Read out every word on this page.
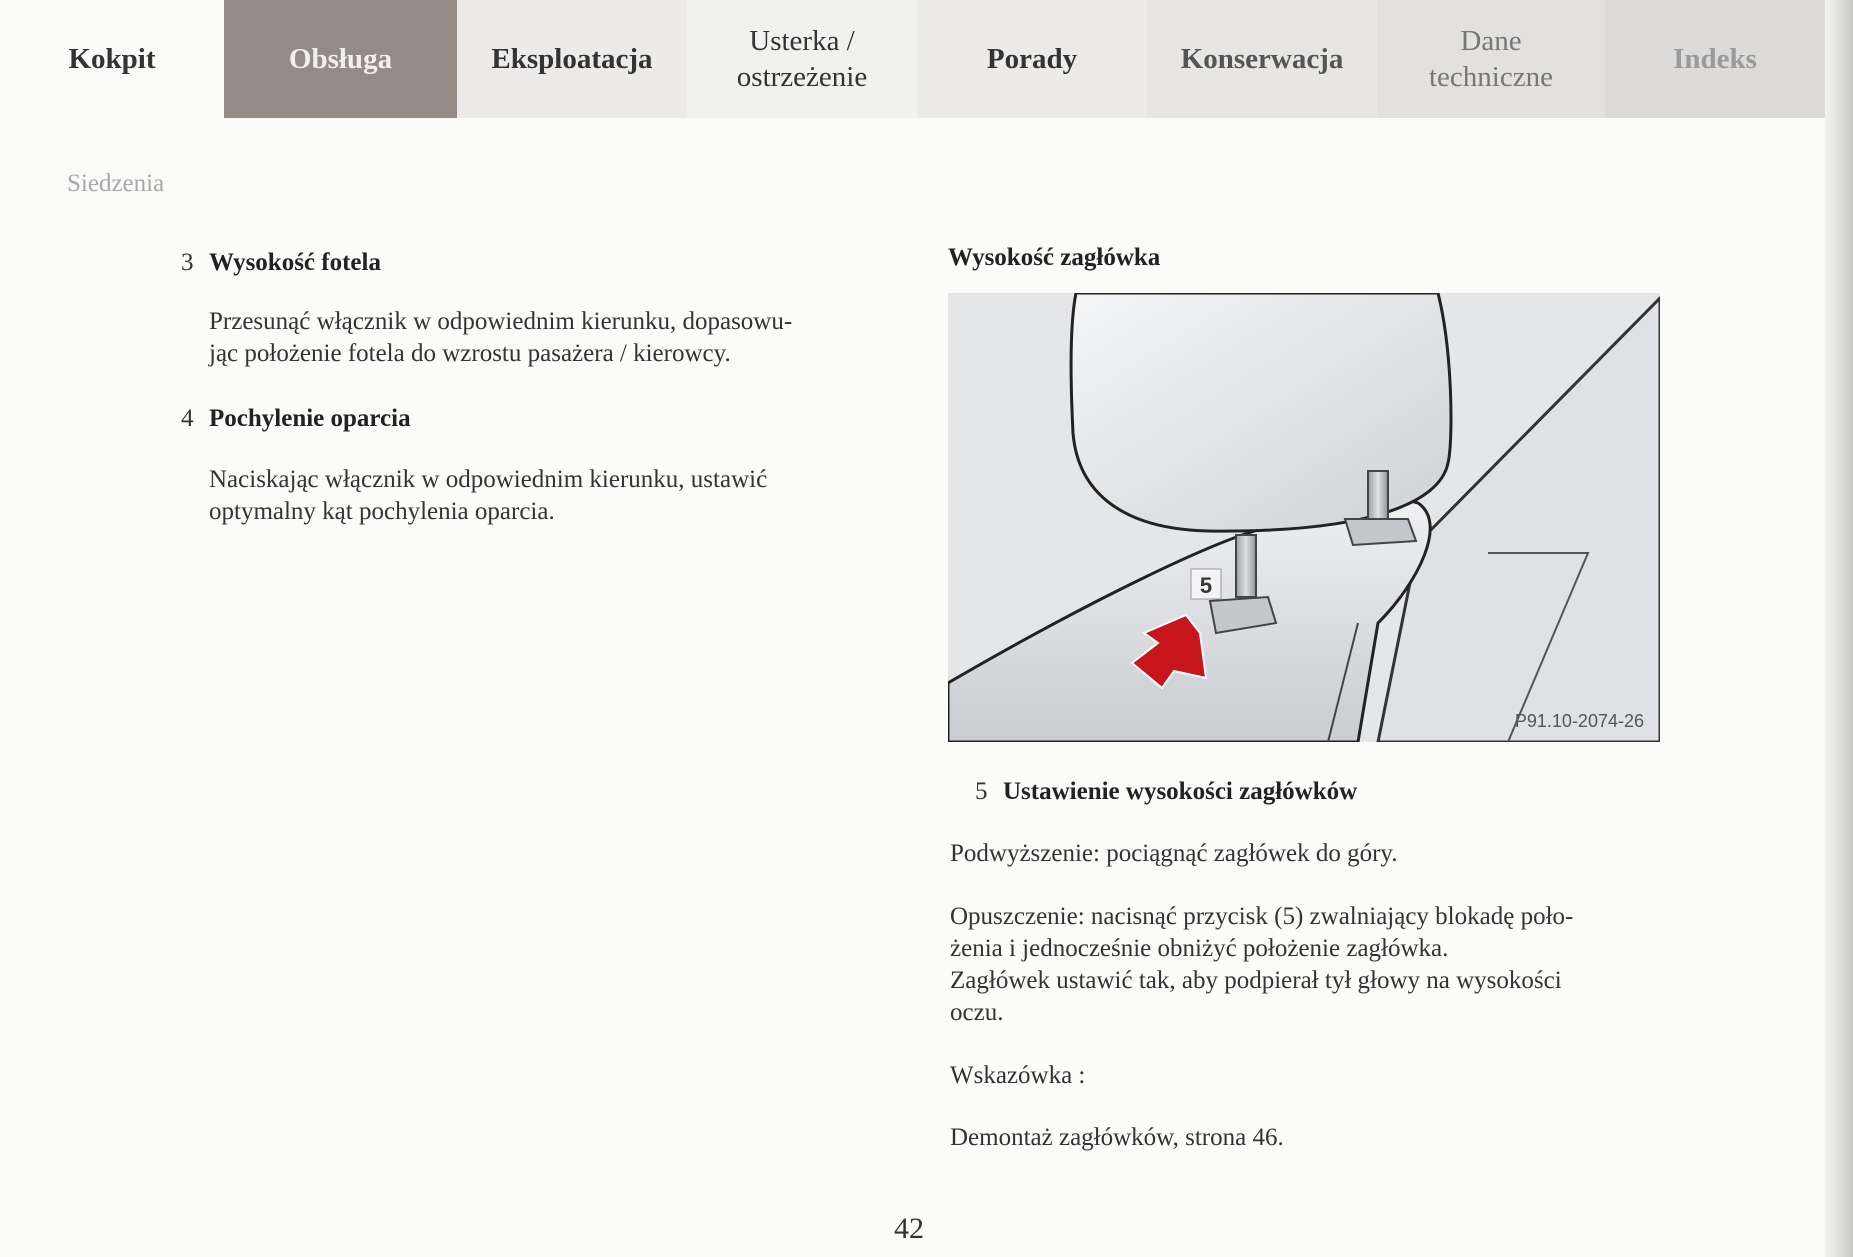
Kokpit	Obsługa	Eksploatacja
Usterka /
ostrzeżenie
Porady	Konserwacja
Dane
techniczne
Indeks
Siedzenia
3 Wysokość fotela
Przesunąć włącznik w odpowiednim kierunku, dopasowu-
jąc położenie fotela do wzrostu pasażera / kierowcy.
4 Pochylenie oparcia
Naciskając włącznik w odpowiednim kierunku, ustawić
optymalny kąt pochylenia oparcia.
Wysokość zagłówka
5
P91.10-2074-26
5 Ustawienie wysokości zagłówków
Podwyższenie: pociągnąć zagłówek do góry.
Opuszczenie: nacisnąć przycisk (5) zwalniający blokadę poło-
żenia i jednocześnie obniżyć położenie zagłówka.
Zagłówek ustawić tak, aby podpierał tył głowy na wysokości
oczu.
Wskazówka :
Demontaż zagłówków, strona 46.
42
